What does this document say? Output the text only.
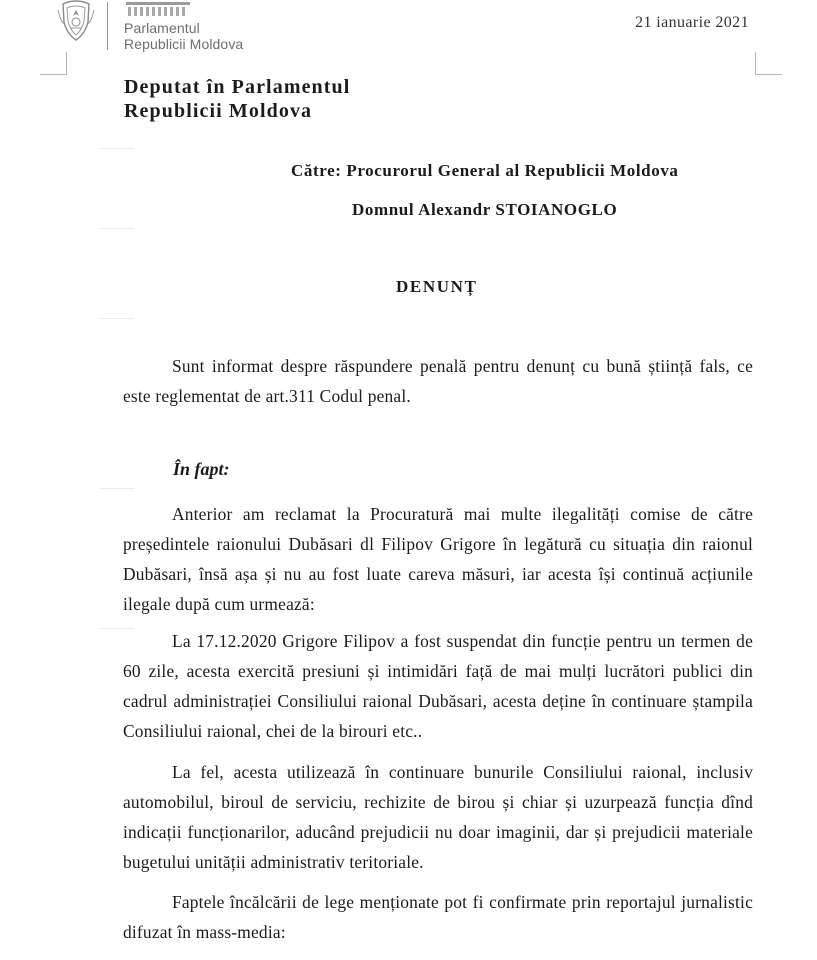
Parlamentul
Republicii Moldova
21 ianuarie 2021
Deputat în Parlamentul
Republicii Moldova
Către: Procurorul General al Republicii Moldova
Domnul Alexandr STOIANOGLO
DENUNȚ
Sunt informat despre răspundere penală pentru denunț cu bună știință fals, ce este reglementat de art.311 Codul penal.
În fapt:
Anterior am reclamat la Procuratură mai multe ilegalități comise de către președintele raionului Dubăsari dl Filipov Grigore în legătură cu situația din raionul Dubăsari, însă așa și nu au fost luate careva măsuri, iar acesta își continuă acțiunile ilegale după cum urmează:
La 17.12.2020 Grigore Filipov a fost suspendat din funcție pentru un termen de 60 zile, acesta exercită presiuni și intimidări față de mai mulți lucrători publici din cadrul administrației Consiliului raional Dubăsari, acesta deține în continuare ștampila Consiliului raional, chei de la birouri etc..
La fel, acesta utilizează în continuare bunurile Consiliului raional, inclusiv automobilul, biroul de serviciu, rechizite de birou și chiar și uzurpează funcția dînd indicații funcționarilor, aducând prejudicii nu doar imaginii, dar și prejudicii materiale bugetului unității administrativ teritoriale.
Faptele încălcării de lege menționate pot fi confirmate prin reportajul jurnalistic difuzat în mass-media:
